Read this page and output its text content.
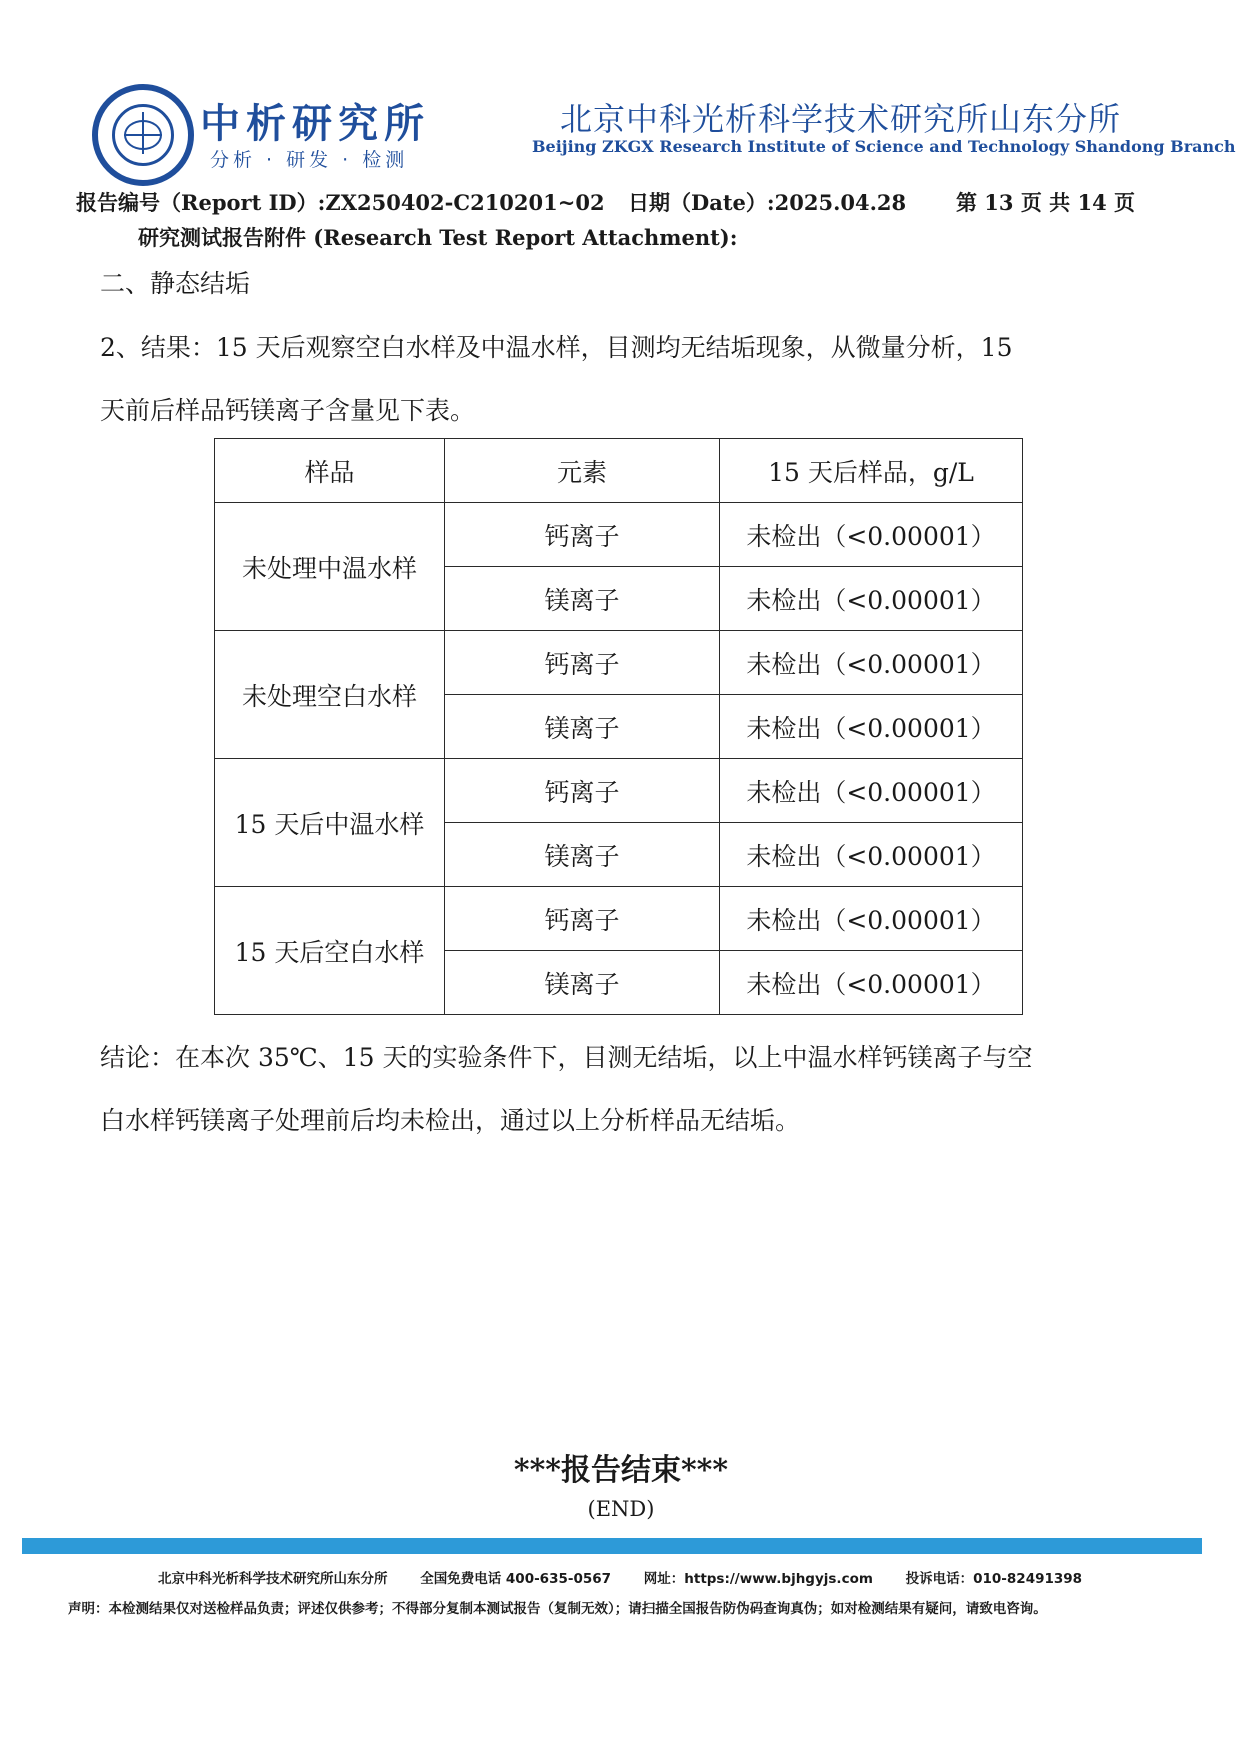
中析研究所
分析 · 研发 · 检测
北京中科光析科学技术研究所山东分所
Beijing ZKGX Research Institute of Science and Technology Shandong Branch
报告编号（Report ID）:ZX250402-C210201~02 日期（Date）:2025.04.28 第 13 页 共 14 页
研究测试报告附件 (Research Test Report Attachment):
二、静态结垢
2、结果：15 天后观察空白水样及中温水样，目测均无结垢现象，从微量分析，15
天前后样品钙镁离子含量见下表。
样品	元素	15 天后样品，g/L
未处理中温水样	钙离子	未检出（<0.00001）
	镁离子	未检出（<0.00001）
未处理空白水样	钙离子	未检出（<0.00001）
	镁离子	未检出（<0.00001）
15 天后中温水样	钙离子	未检出（<0.00001）
	镁离子	未检出（<0.00001）
15 天后空白水样	钙离子	未检出（<0.00001）
	镁离子	未检出（<0.00001）
结论：在本次 35℃、15 天的实验条件下，目测无结垢，以上中温水样钙镁离子与空
白水样钙镁离子处理前后均未检出，通过以上分析样品无结垢。
***报告结束***
(END)
北京中科光析科学技术研究所山东分所 全国免费电话 400-635-0567 网址：https://www.bjhgyjs.com 投诉电话：010-82491398
声明：本检测结果仅对送检样品负责；评述仅供参考；不得部分复制本测试报告（复制无效）；请扫描全国报告防伪码查询真伪；如对检测结果有疑问，请致电咨询。
